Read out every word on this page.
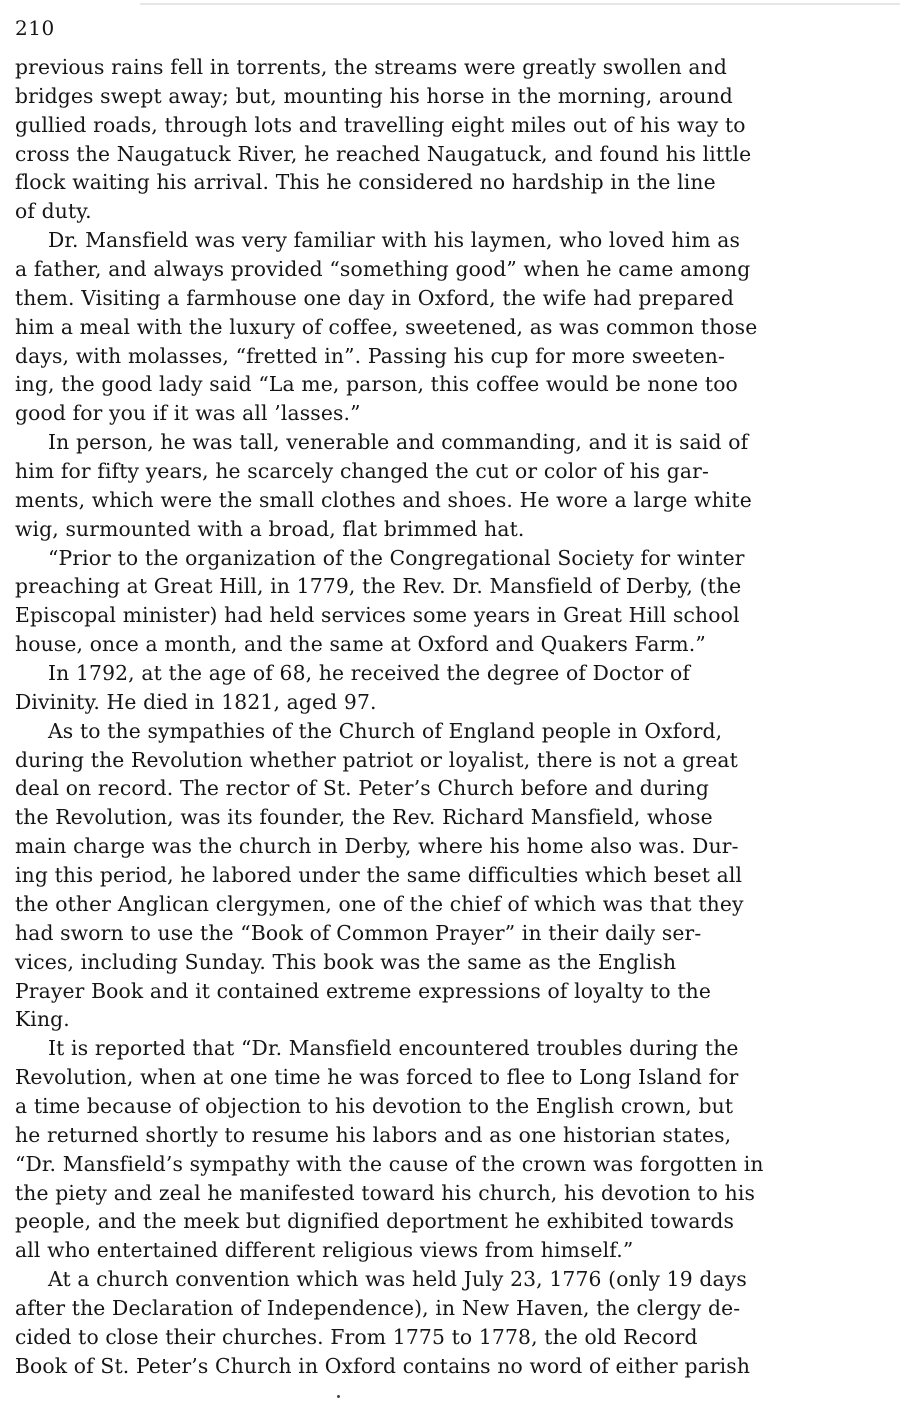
210
previous rains fell in torrents, the streams were greatly swollen and
bridges swept away; but, mounting his horse in the morning, around
gullied roads, through lots and travelling eight miles out of his way to
cross the Naugatuck River, he reached Naugatuck, and found his little
flock waiting his arrival. This he considered no hardship in the line
of duty.
Dr. Mansfield was very familiar with his laymen, who loved him as
a father, and always provided “something good” when he came among
them. Visiting a farmhouse one day in Oxford, the wife had prepared
him a meal with the luxury of coffee, sweetened, as was common those
days, with molasses, “fretted in”. Passing his cup for more sweeten-
ing, the good lady said “La me, parson, this coffee would be none too
good for you if it was all ’lasses.”
In person, he was tall, venerable and commanding, and it is said of
him for fifty years, he scarcely changed the cut or color of his gar-
ments, which were the small clothes and shoes. He wore a large white
wig, surmounted with a broad, flat brimmed hat.
“Prior to the organization of the Congregational Society for winter
preaching at Great Hill, in 1779, the Rev. Dr. Mansfield of Derby, (the
Episcopal minister) had held services some years in Great Hill school
house, once a month, and the same at Oxford and Quakers Farm.”
In 1792, at the age of 68, he received the degree of Doctor of
Divinity. He died in 1821, aged 97.
As to the sympathies of the Church of England people in Oxford,
during the Revolution whether patriot or loyalist, there is not a great
deal on record. The rector of St. Peter’s Church before and during
the Revolution, was its founder, the Rev. Richard Mansfield, whose
main charge was the church in Derby, where his home also was. Dur-
ing this period, he labored under the same difficulties which beset all
the other Anglican clergymen, one of the chief of which was that they
had sworn to use the “Book of Common Prayer” in their daily ser-
vices, including Sunday. This book was the same as the English
Prayer Book and it contained extreme expressions of loyalty to the
King.
It is reported that “Dr. Mansfield encountered troubles during the
Revolution, when at one time he was forced to flee to Long Island for
a time because of objection to his devotion to the English crown, but
he returned shortly to resume his labors and as one historian states,
“Dr. Mansfield’s sympathy with the cause of the crown was forgotten in
the piety and zeal he manifested toward his church, his devotion to his
people, and the meek but dignified deportment he exhibited towards
all who entertained different religious views from himself.”
At a church convention which was held July 23, 1776 (only 19 days
after the Declaration of Independence), in New Haven, the clergy de-
cided to close their churches. From 1775 to 1778, the old Record
Book of St. Peter’s Church in Oxford contains no word of either parish
